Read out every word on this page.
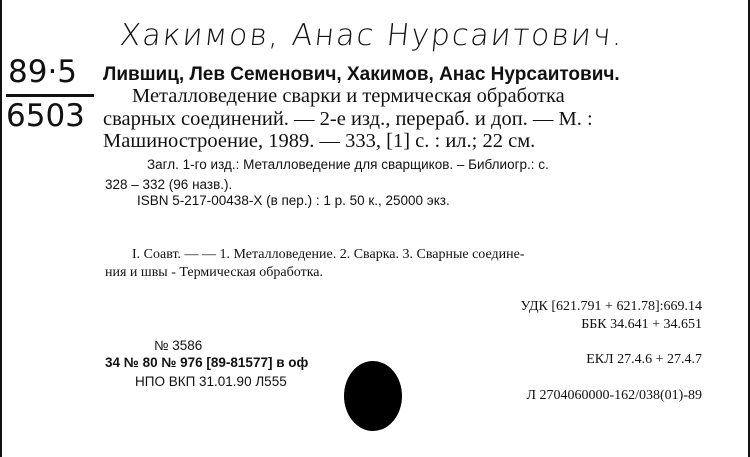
Хакимов, Анас Нурсаитович.
89·5
6503
Лившиц, Лев Семенович, Хакимов, Анас Нурсаитович.
Металловедение сварки и термическая обработка
сварных соединений. — 2-е изд., перераб. и доп. — М. :
Машиностроение, 1989. — 333, [1] с. : ил.; 22 см.
Загл. 1-го изд.: Металловедение для сварщиков. – Библиогр.: с.
328 – 332 (96 назв.).
ISBN 5-217-00438-X (в пер.) : 1 р. 50 к., 25000 экз.
I. Соавт. — — 1. Металловедение. 2. Сварка. 3. Сварные соедине-
ния и швы - Термическая обработка.
УДК [621.791 + 621.78]:669.14
ББК 34.641 + 34.651
№ 3586
34 № 80 № 976 [89-81577] в оф
НПО ВКП 31.01.90 Л555
ЕКЛ 27.4.6 + 27.4.7
Л 2704060000-162/038(01)-89
